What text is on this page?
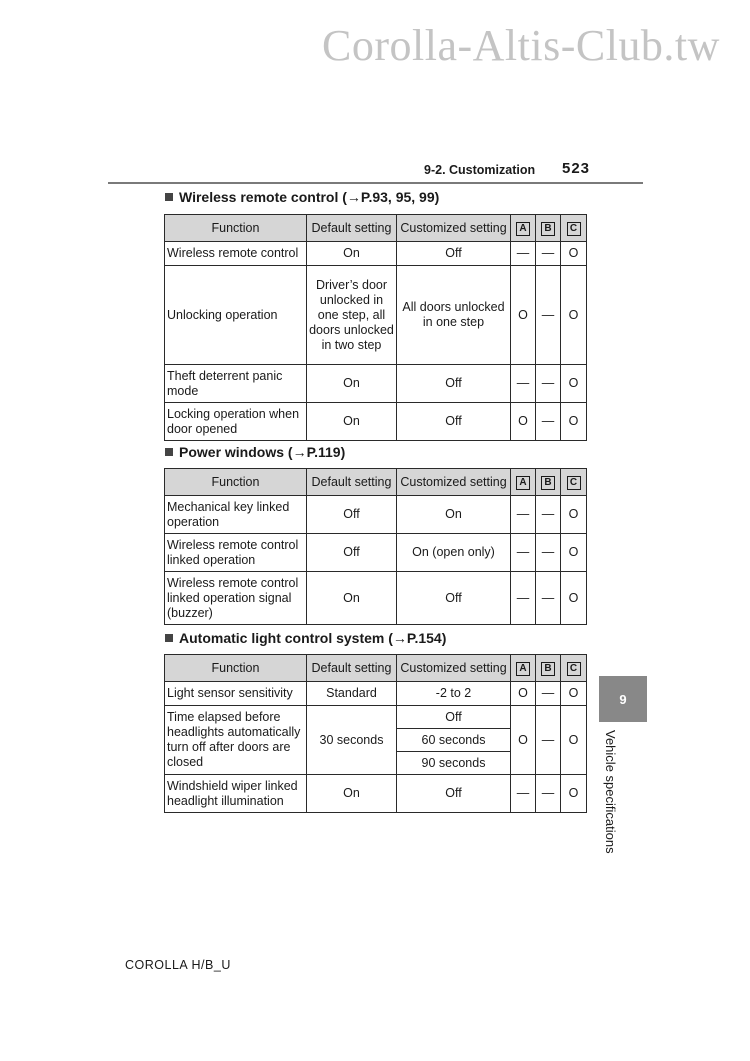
Corolla-Altis-Club.tw
9-2. Customization 523
Wireless remote control (→P.93, 95, 99)
Function	Default setting	Customized setting	A	B	C
Wireless remote control	On	Off	—	—	O
Unlocking operation	Driver’s door unlocked in one step, all doors unlocked in two step	All doors unlocked in one step	O	—	O
Theft deterrent panic mode	On	Off	—	—	O
Locking operation when door opened	On	Off	O	—	O
Power windows (→P.119)
Function	Default setting	Customized setting	A	B	C
Mechanical key linked operation	Off	On	—	—	O
Wireless remote control linked operation	Off	On (open only)	—	—	O
Wireless remote control linked operation signal (buzzer)	On	Off	—	—	O
Automatic light control system (→P.154)
Function	Default setting	Customized setting	A	B	C
Light sensor sensitivity	Standard	-2 to 2	O	—	O
Time elapsed before headlights automatically turn off after doors are closed	30 seconds	Off	O	—	O
		60 seconds			
		90 seconds			
Windshield wiper linked headlight illumination	On	Off	—	—	O
9
Vehicle specifications
COROLLA H/B_U
